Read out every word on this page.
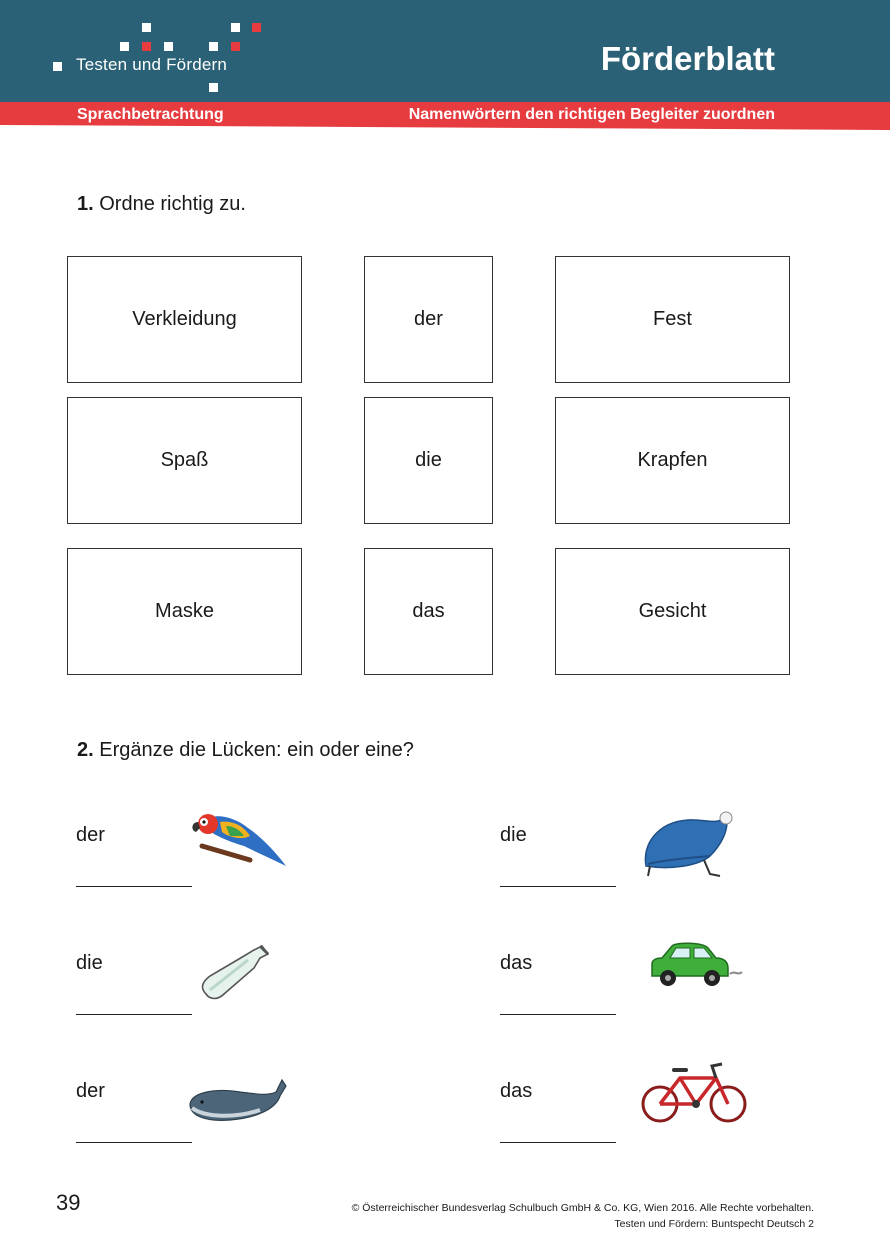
Testen und Fördern	Förderblatt
Sprachbetrachtung	Namenwörtern den richtigen Begleiter zuordnen
1. Ordne richtig zu.
Verkleidung	der	Fest
Spaß	die	Krapfen
Maske	das	Gesicht
2. Ergänze die Lücken: ein oder eine?
der	die
die	das
der	das
39	© Österreichischer Bundesverlag Schulbuch GmbH & Co. KG, Wien 2016. Alle Rechte vorbehalten.
Testen und Fördern: Buntspecht Deutsch 2
